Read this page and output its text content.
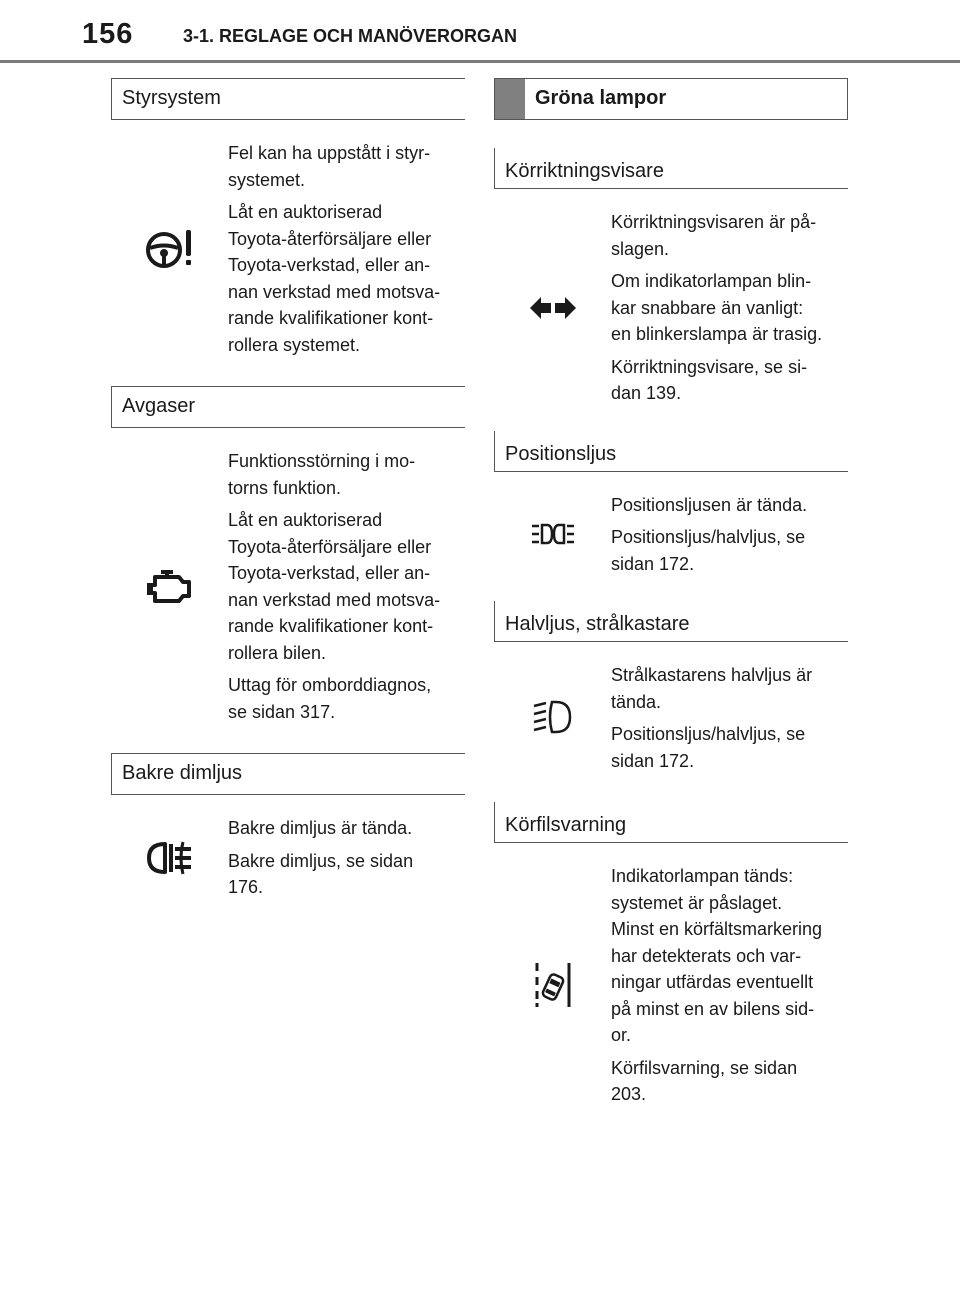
156	3-1. REGLAGE OCH MANÖVERORGAN
Styrsystem

Fel kan ha uppstått i styr-
systemet.

Låt en auktoriserad
Toyota-återförsäljare eller
Toyota-verkstad, eller an-
nan verkstad med motsva-
rande kvalifikationer kont-
rollera systemet.

Avgaser

Funktionsstörning i mo-
torns funktion.

Låt en auktoriserad
Toyota-återförsäljare eller
Toyota-verkstad, eller an-
nan verkstad med motsva-
rande kvalifikationer kont-
rollera bilen.

Uttag för omborddiagnos,
se sidan 317.

Bakre dimljus

Bakre dimljus är tända.

Bakre dimljus, se sidan
176.

Gröna lampor
Körriktningsvisare

Körriktningsvisaren är på-
slagen.

Om indikatorlampan blin-
kar snabbare än vanligt:
en blinkerslampa är trasig.

Körriktningsvisare, se si-
dan 139.

Positionsljus

Positionsljusen är tända.

Positionsljus/halvljus, se
sidan 172.

Halvljus, strålkastare

Strålkastarens halvljus är
tända.

Positionsljus/halvljus, se
sidan 172.

Körfilsvarning

Indikatorlampan tänds:
systemet är påslaget.
Minst en körfältsmarkering
har detekterats och var-
ningar utfärdas eventuellt
på minst en av bilens sid-
or.

Körfilsvarning, se sidan
203.
